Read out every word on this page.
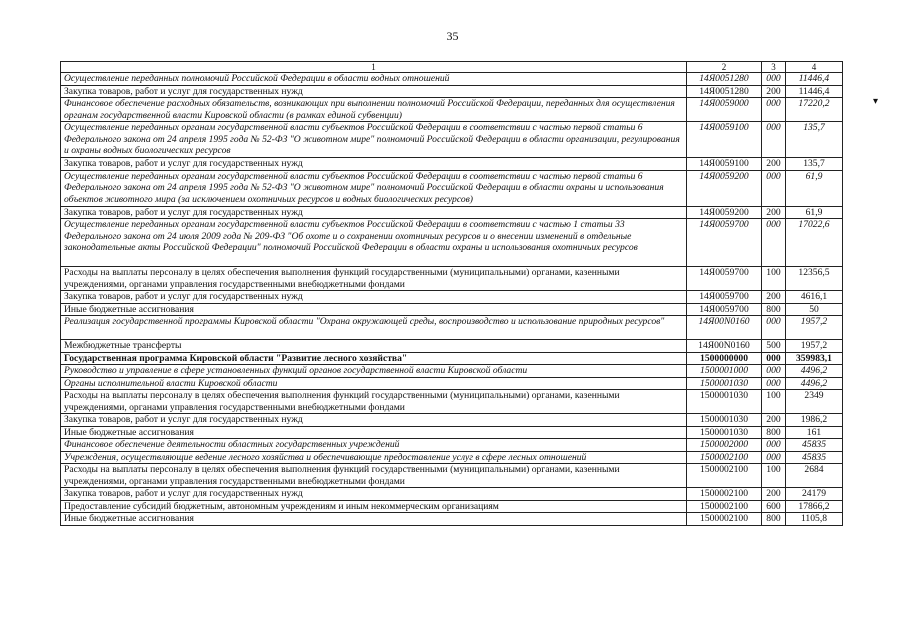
35
▾
1	2	3	4
Осуществление переданных полномочий Российской Федерации в области водных отношений	14Я0051280	000	11446,4
Закупка товаров, работ и услуг для государственных нужд	14Я0051280	200	11446,4
Финансовое обеспечение расходных обязательств, возникающих при выполнении полномочий Российской Федерации, переданных для осуществления органам государственной власти Кировской области (в рамках единой субвенции)	14Я0059000	000	17220,2
Осуществление переданных органам государственной власти субъектов Российской Федерации в соответствии с частью первой статьи 6 Федерального закона от 24 апреля 1995 года № 52-ФЗ "О животном мире" полномочий Российской Федерации в области организации, регулирования и охраны водных биологических ресурсов	14Я0059100	000	135,7
Закупка товаров, работ и услуг для государственных нужд	14Я0059100	200	135,7
Осуществление переданных органам государственной власти субъектов Российской Федерации в соответствии с частью первой статьи 6 Федерального закона от 24 апреля 1995 года № 52-ФЗ "О животном мире" полномочий Российской Федерации в области охраны и использования объектов животного мира (за исключением охотничьих ресурсов и водных биологических ресурсов)	14Я0059200	000	61,9
Закупка товаров, работ и услуг для государственных нужд	14Я0059200	200	61,9
Осуществление переданных органам государственной власти субъектов Российской Федерации в соответствии с частью 1 статьи 33 Федерального закона от 24 июля 2009 года № 209-ФЗ "Об охоте и о сохранении охотничьих ресурсов и о внесении изменений в отдельные законодательные акты Российской Федерации" полномочий Российской Федерации в области охраны и использования охотничьих ресурсов	14Я0059700	000	17022,6
Расходы на выплаты персоналу в целях обеспечения выполнения функций государственными (муниципальными) органами, казенными учреждениями, органами управления государственными внебюджетными фондами	14Я0059700	100	12356,5
Закупка товаров, работ и услуг для государственных нужд	14Я0059700	200	4616,1
Иные бюджетные ассигнования	14Я0059700	800	50
Реализация государственной программы Кировской области "Охрана окружающей среды, воспроизводство и использование природных ресурсов"	14Я00N0160	000	1957,2
Межбюджетные трансферты	14Я00N0160	500	1957,2
Государственная программа Кировской области "Развитие лесного хозяйства"	1500000000	000	359983,1
Руководство и управление в сфере установленных функций органов государственной власти Кировской области	1500001000	000	4496,2
Органы исполнительной власти Кировской области	1500001030	000	4496,2
Расходы на выплаты персоналу в целях обеспечения выполнения функций государственными (муниципальными) органами, казенными учреждениями, органами управления государственными внебюджетными фондами	1500001030	100	2349
Закупка товаров, работ и услуг для государственных нужд	1500001030	200	1986,2
Иные бюджетные ассигнования	1500001030	800	161
Финансовое обеспечение деятельности областных государственных учреждений	1500002000	000	45835
Учреждения, осуществляющие ведение лесного хозяйства и обеспечивающие предоставление услуг в сфере лесных отношений	1500002100	000	45835
Расходы на выплаты персоналу в целях обеспечения выполнения функций государственными (муниципальными) органами, казенными учреждениями, органами управления государственными внебюджетными фондами	1500002100	100	2684
Закупка товаров, работ и услуг для государственных нужд	1500002100	200	24179
Предоставление субсидий бюджетным, автономным учреждениям и иным некоммерческим организациям	1500002100	600	17866,2
Иные бюджетные ассигнования	1500002100	800	1105,8
